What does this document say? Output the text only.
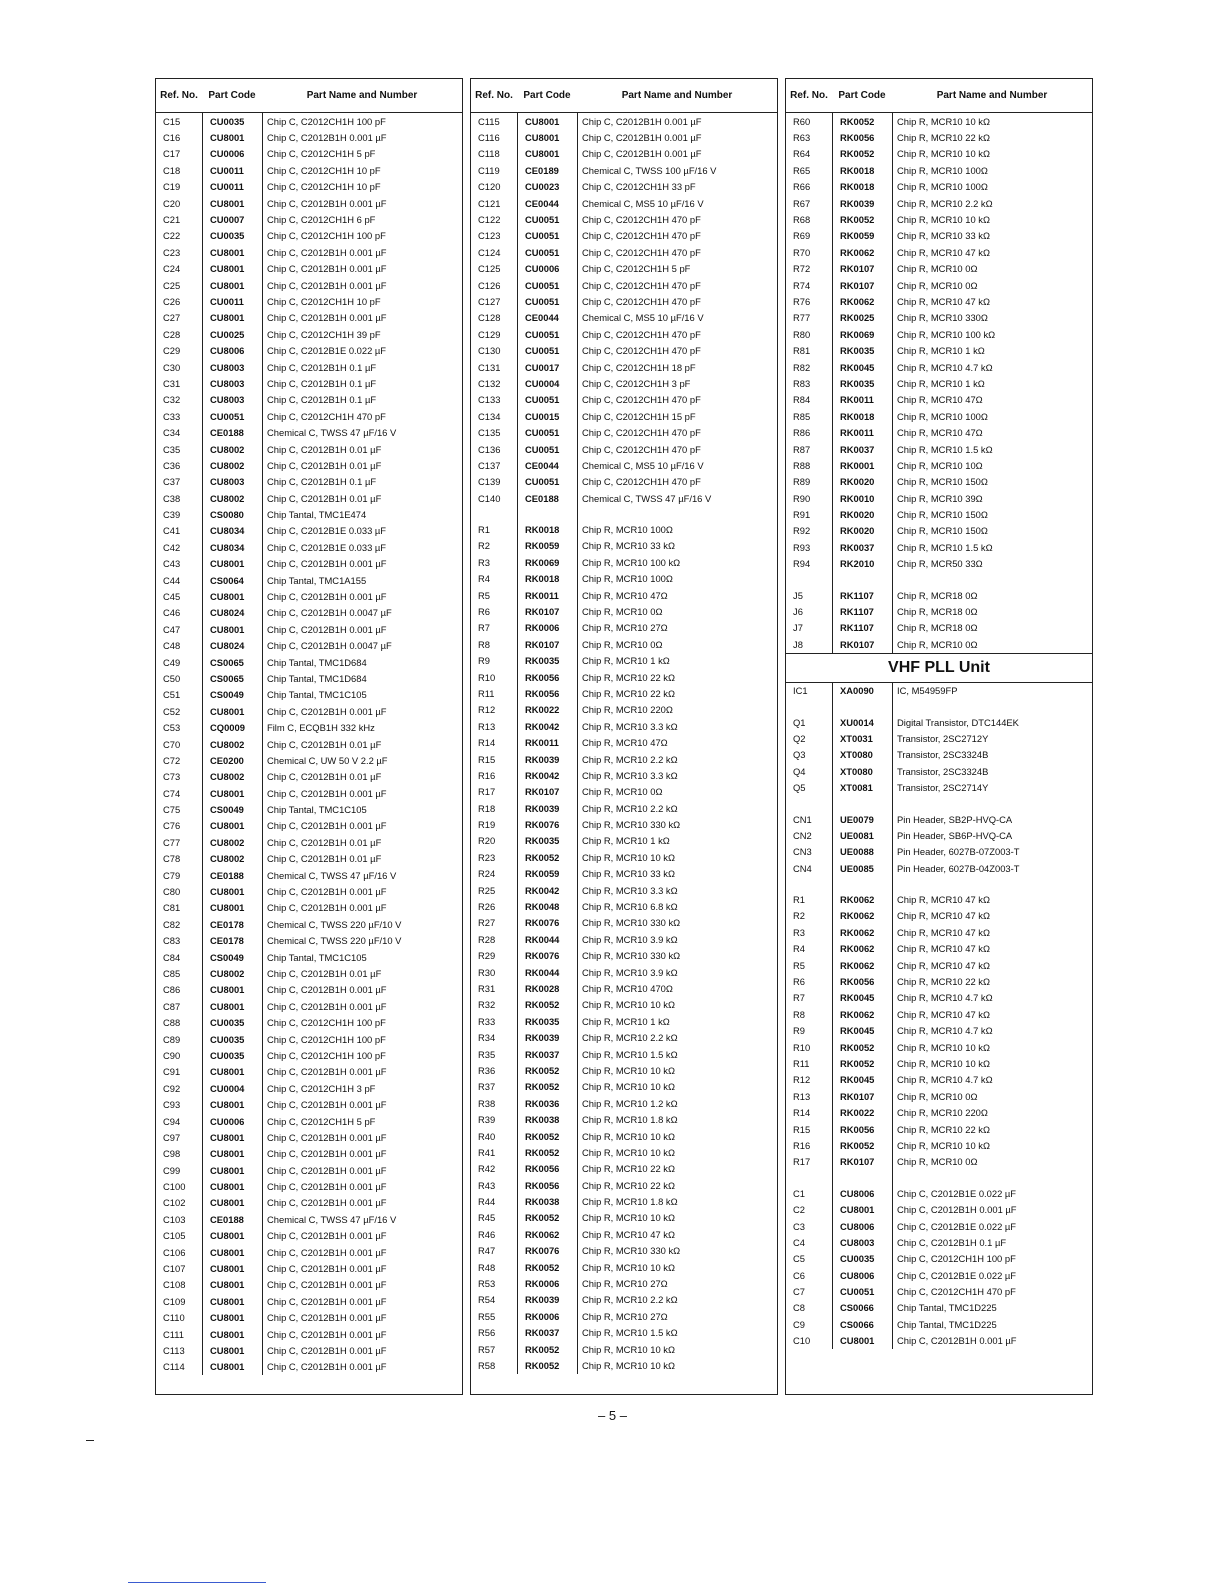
Ref. No.	Part Code	Part Name and Number
C15	CU0035	Chip C, C2012CH1H 100 pF
C16	CU8001	Chip C, C2012B1H 0.001 µF
C17	CU0006	Chip C, C2012CH1H 5 pF
C18	CU0011	Chip C, C2012CH1H 10 pF
C19	CU0011	Chip C, C2012CH1H 10 pF
C20	CU8001	Chip C, C2012B1H 0.001 µF
C21	CU0007	Chip C, C2012CH1H 6 pF
C22	CU0035	Chip C, C2012CH1H 100 pF
C23	CU8001	Chip C, C2012B1H 0.001 µF
C24	CU8001	Chip C, C2012B1H 0.001 µF
C25	CU8001	Chip C, C2012B1H 0.001 µF
C26	CU0011	Chip C, C2012CH1H 10 pF
C27	CU8001	Chip C, C2012B1H 0.001 µF
C28	CU0025	Chip C, C2012CH1H 39 pF
C29	CU8006	Chip C, C2012B1E 0.022 µF
C30	CU8003	Chip C, C2012B1H 0.1 µF
C31	CU8003	Chip C, C2012B1H 0.1 µF
C32	CU8003	Chip C, C2012B1H 0.1 µF
C33	CU0051	Chip C, C2012CH1H 470 pF
C34	CE0188	Chemical C, TWSS 47 µF/16 V
C35	CU8002	Chip C, C2012B1H 0.01 µF
C36	CU8002	Chip C, C2012B1H 0.01 µF
C37	CU8003	Chip C, C2012B1H 0.1 µF
C38	CU8002	Chip C, C2012B1H 0.01 µF
C39	CS0080	Chip Tantal, TMC1E474
C41	CU8034	Chip C, C2012B1E 0.033 µF
C42	CU8034	Chip C, C2012B1E 0.033 µF
C43	CU8001	Chip C, C2012B1H 0.001 µF
C44	CS0064	Chip Tantal, TMC1A155
C45	CU8001	Chip C, C2012B1H 0.001 µF
C46	CU8024	Chip C, C2012B1H 0.0047 µF
C47	CU8001	Chip C, C2012B1H 0.001 µF
C48	CU8024	Chip C, C2012B1H 0.0047 µF
C49	CS0065	Chip Tantal, TMC1D684
C50	CS0065	Chip Tantal, TMC1D684
C51	CS0049	Chip Tantal, TMC1C105
C52	CU8001	Chip C, C2012B1H 0.001 µF
C53	CQ0009	Film C, ECQB1H 332 kHz
C70	CU8002	Chip C, C2012B1H 0.01 µF
C72	CE0200	Chemical C, UW 50 V 2.2 µF
C73	CU8002	Chip C, C2012B1H 0.01 µF
C74	CU8001	Chip C, C2012B1H 0.001 µF
C75	CS0049	Chip Tantal, TMC1C105
C76	CU8001	Chip C, C2012B1H 0.001 µF
C77	CU8002	Chip C, C2012B1H 0.01 µF
C78	CU8002	Chip C, C2012B1H 0.01 µF
C79	CE0188	Chemical C, TWSS 47 µF/16 V
C80	CU8001	Chip C, C2012B1H 0.001 µF
C81	CU8001	Chip C, C2012B1H 0.001 µF
C82	CE0178	Chemical C, TWSS 220 µF/10 V
C83	CE0178	Chemical C, TWSS 220 µF/10 V
C84	CS0049	Chip Tantal, TMC1C105
C85	CU8002	Chip C, C2012B1H 0.01 µF
C86	CU8001	Chip C, C2012B1H 0.001 µF
C87	CU8001	Chip C, C2012B1H 0.001 µF
C88	CU0035	Chip C, C2012CH1H 100 pF
C89	CU0035	Chip C, C2012CH1H 100 pF
C90	CU0035	Chip C, C2012CH1H 100 pF
C91	CU8001	Chip C, C2012B1H 0.001 µF
C92	CU0004	Chip C, C2012CH1H 3 pF
C93	CU8001	Chip C, C2012B1H 0.001 µF
C94	CU0006	Chip C, C2012CH1H 5 pF
C97	CU8001	Chip C, C2012B1H 0.001 µF
C98	CU8001	Chip C, C2012B1H 0.001 µF
C99	CU8001	Chip C, C2012B1H 0.001 µF
C100	CU8001	Chip C, C2012B1H 0.001 µF
C102	CU8001	Chip C, C2012B1H 0.001 µF
C103	CE0188	Chemical C, TWSS 47 µF/16 V
C105	CU8001	Chip C, C2012B1H 0.001 µF
C106	CU8001	Chip C, C2012B1H 0.001 µF
C107	CU8001	Chip C, C2012B1H 0.001 µF
C108	CU8001	Chip C, C2012B1H 0.001 µF
C109	CU8001	Chip C, C2012B1H 0.001 µF
C110	CU8001	Chip C, C2012B1H 0.001 µF
C111	CU8001	Chip C, C2012B1H 0.001 µF
C113	CU8001	Chip C, C2012B1H 0.001 µF
C114	CU8001	Chip C, C2012B1H 0.001 µF
Ref. No.	Part Code	Part Name and Number
C115	CU8001	Chip C, C2012B1H 0.001 µF
C116	CU8001	Chip C, C2012B1H 0.001 µF
C118	CU8001	Chip C, C2012B1H 0.001 µF
C119	CE0189	Chemical C, TWSS 100 µF/16 V
C120	CU0023	Chip C, C2012CH1H 33 pF
C121	CE0044	Chemical C, MS5 10 µF/16 V
C122	CU0051	Chip C, C2012CH1H 470 pF
C123	CU0051	Chip C, C2012CH1H 470 pF
C124	CU0051	Chip C, C2012CH1H 470 pF
C125	CU0006	Chip C, C2012CH1H 5 pF
C126	CU0051	Chip C, C2012CH1H 470 pF
C127	CU0051	Chip C, C2012CH1H 470 pF
C128	CE0044	Chemical C, MS5 10 µF/16 V
C129	CU0051	Chip C, C2012CH1H 470 pF
C130	CU0051	Chip C, C2012CH1H 470 pF
C131	CU0017	Chip C, C2012CH1H 18 pF
C132	CU0004	Chip C, C2012CH1H 3 pF
C133	CU0051	Chip C, C2012CH1H 470 pF
C134	CU0015	Chip C, C2012CH1H 15 pF
C135	CU0051	Chip C, C2012CH1H 470 pF
C136	CU0051	Chip C, C2012CH1H 470 pF
C137	CE0044	Chemical C, MS5 10 µF/16 V
C139	CU0051	Chip C, C2012CH1H 470 pF
C140	CE0188	Chemical C, TWSS 47 µF/16 V
R1	RK0018	Chip R, MCR10 100Ω
R2	RK0059	Chip R, MCR10 33 kΩ
R3	RK0069	Chip R, MCR10 100 kΩ
R4	RK0018	Chip R, MCR10 100Ω
R5	RK0011	Chip R, MCR10 47Ω
R6	RK0107	Chip R, MCR10 0Ω
R7	RK0006	Chip R, MCR10 27Ω
R8	RK0107	Chip R, MCR10 0Ω
R9	RK0035	Chip R, MCR10 1 kΩ
R10	RK0056	Chip R, MCR10 22 kΩ
R11	RK0056	Chip R, MCR10 22 kΩ
R12	RK0022	Chip R, MCR10 220Ω
R13	RK0042	Chip R, MCR10 3.3 kΩ
R14	RK0011	Chip R, MCR10 47Ω
R15	RK0039	Chip R, MCR10 2.2 kΩ
R16	RK0042	Chip R, MCR10 3.3 kΩ
R17	RK0107	Chip R, MCR10 0Ω
R18	RK0039	Chip R, MCR10 2.2 kΩ
R19	RK0076	Chip R, MCR10 330 kΩ
R20	RK0035	Chip R, MCR10 1 kΩ
R23	RK0052	Chip R, MCR10 10 kΩ
R24	RK0059	Chip R, MCR10 33 kΩ
R25	RK0042	Chip R, MCR10 3.3 kΩ
R26	RK0048	Chip R, MCR10 6.8 kΩ
R27	RK0076	Chip R, MCR10 330 kΩ
R28	RK0044	Chip R, MCR10 3.9 kΩ
R29	RK0076	Chip R, MCR10 330 kΩ
R30	RK0044	Chip R, MCR10 3.9 kΩ
R31	RK0028	Chip R, MCR10 470Ω
R32	RK0052	Chip R, MCR10 10 kΩ
R33	RK0035	Chip R, MCR10 1 kΩ
R34	RK0039	Chip R, MCR10 2.2 kΩ
R35	RK0037	Chip R, MCR10 1.5 kΩ
R36	RK0052	Chip R, MCR10 10 kΩ
R37	RK0052	Chip R, MCR10 10 kΩ
R38	RK0036	Chip R, MCR10 1.2 kΩ
R39	RK0038	Chip R, MCR10 1.8 kΩ
R40	RK0052	Chip R, MCR10 10 kΩ
R41	RK0052	Chip R, MCR10 10 kΩ
R42	RK0056	Chip R, MCR10 22 kΩ
R43	RK0056	Chip R, MCR10 22 kΩ
R44	RK0038	Chip R, MCR10 1.8 kΩ
R45	RK0052	Chip R, MCR10 10 kΩ
R46	RK0062	Chip R, MCR10 47 kΩ
R47	RK0076	Chip R, MCR10 330 kΩ
R48	RK0052	Chip R, MCR10 10 kΩ
R53	RK0006	Chip R, MCR10 27Ω
R54	RK0039	Chip R, MCR10 2.2 kΩ
R55	RK0006	Chip R, MCR10 27Ω
R56	RK0037	Chip R, MCR10 1.5 kΩ
R57	RK0052	Chip R, MCR10 10 kΩ
R58	RK0052	Chip R, MCR10 10 kΩ
Ref. No.	Part Code	Part Name and Number
R60	RK0052	Chip R, MCR10 10 kΩ
R63	RK0056	Chip R, MCR10 22 kΩ
R64	RK0052	Chip R, MCR10 10 kΩ
R65	RK0018	Chip R, MCR10 100Ω
R66	RK0018	Chip R, MCR10 100Ω
R67	RK0039	Chip R, MCR10 2.2 kΩ
R68	RK0052	Chip R, MCR10 10 kΩ
R69	RK0059	Chip R, MCR10 33 kΩ
R70	RK0062	Chip R, MCR10 47 kΩ
R72	RK0107	Chip R, MCR10 0Ω
R74	RK0107	Chip R, MCR10 0Ω
R76	RK0062	Chip R, MCR10 47 kΩ
R77	RK0025	Chip R, MCR10 330Ω
R80	RK0069	Chip R, MCR10 100 kΩ
R81	RK0035	Chip R, MCR10 1 kΩ
R82	RK0045	Chip R, MCR10 4.7 kΩ
R83	RK0035	Chip R, MCR10 1 kΩ
R84	RK0011	Chip R, MCR10 47Ω
R85	RK0018	Chip R, MCR10 100Ω
R86	RK0011	Chip R, MCR10 47Ω
R87	RK0037	Chip R, MCR10 1.5 kΩ
R88	RK0001	Chip R, MCR10 10Ω
R89	RK0020	Chip R, MCR10 150Ω
R90	RK0010	Chip R, MCR10 39Ω
R91	RK0020	Chip R, MCR10 150Ω
R92	RK0020	Chip R, MCR10 150Ω
R93	RK0037	Chip R, MCR10 1.5 kΩ
R94	RK2010	Chip R, MCR50 33Ω
J5	RK1107	Chip R, MCR18 0Ω
J6	RK1107	Chip R, MCR18 0Ω
J7	RK1107	Chip R, MCR18 0Ω
J8	RK0107	Chip R, MCR10 0Ω
VHF PLL Unit
IC1	XA0090	IC, M54959FP
Q1	XU0014	Digital Transistor, DTC144EK
Q2	XT0031	Transistor, 2SC2712Y
Q3	XT0080	Transistor, 2SC3324B
Q4	XT0080	Transistor, 2SC3324B
Q5	XT0081	Transistor, 2SC2714Y
CN1	UE0079	Pin Header, SB2P-HVQ-CA
CN2	UE0081	Pin Header, SB6P-HVQ-CA
CN3	UE0088	Pin Header, 6027B-07Z003-T
CN4	UE0085	Pin Header, 6027B-04Z003-T
R1	RK0062	Chip R, MCR10 47 kΩ
R2	RK0062	Chip R, MCR10 47 kΩ
R3	RK0062	Chip R, MCR10 47 kΩ
R4	RK0062	Chip R, MCR10 47 kΩ
R5	RK0062	Chip R, MCR10 47 kΩ
R6	RK0056	Chip R, MCR10 22 kΩ
R7	RK0045	Chip R, MCR10 4.7 kΩ
R8	RK0062	Chip R, MCR10 47 kΩ
R9	RK0045	Chip R, MCR10 4.7 kΩ
R10	RK0052	Chip R, MCR10 10 kΩ
R11	RK0052	Chip R, MCR10 10 kΩ
R12	RK0045	Chip R, MCR10 4.7 kΩ
R13	RK0107	Chip R, MCR10 0Ω
R14	RK0022	Chip R, MCR10 220Ω
R15	RK0056	Chip R, MCR10 22 kΩ
R16	RK0052	Chip R, MCR10 10 kΩ
R17	RK0107	Chip R, MCR10 0Ω
C1	CU8006	Chip C, C2012B1E 0.022 µF
C2	CU8001	Chip C, C2012B1H 0.001 µF
C3	CU8006	Chip C, C2012B1E 0.022 µF
C4	CU8003	Chip C, C2012B1H 0.1 µF
C5	CU0035	Chip C, C2012CH1H 100 pF
C6	CU8006	Chip C, C2012B1E 0.022 µF
C7	CU0051	Chip C, C2012CH1H 470 pF
C8	CS0066	Chip Tantal, TMC1D225
C9	CS0066	Chip Tantal, TMC1D225
C10	CU8001	Chip C, C2012B1H 0.001 µF
– 5 –
